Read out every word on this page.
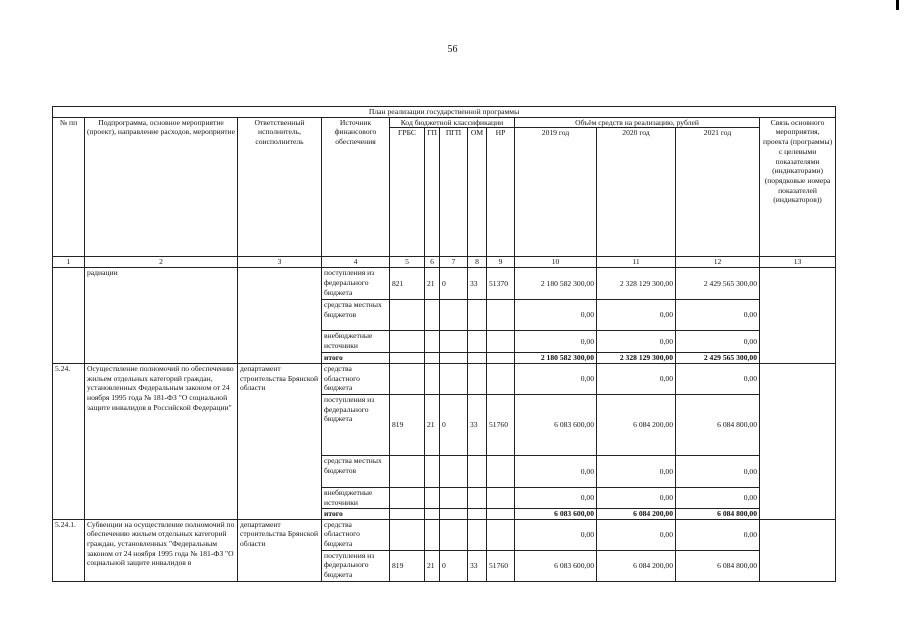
56
План реализации государственной программы												
№ пп	Подпрограмма, основное мероприятие (проект), направление расходов, мероприятие	Ответственный исполнитель, соисполнитель	Источник финансового обеспечения	Код бюджетной классификации					Объём средств на реализацию, рублей			Связь основного мероприятия, проекта (программы) с целевыми показателями (индикаторами) (порядковые номера показателей (индикаторов))
				ГРБС	ГП	ПГП	ОМ	НР	2019 год	2020 год	2021 год	
1	2	3	4	5	6	7	8	9	10	11	12	13
	радиации		поступления из федерального бюджета	821	21	0	33	51370	2 180 582 300,00	2 328 129 300,00	2 429 565 300,00	
			средства местных бюджетов						0,00	0,00	0,00	
			внебюджетные источники						0,00	0,00	0,00	
			итого						2 180 582 300,00	2 328 129 300,00	2 429 565 300,00	
5.24.	Осуществление полномочий по обеспечению жильем отдельных категорий граждан, установленных Федеральным законом от 24 ноября 1995 года № 181-ФЗ "О социальной защите инвалидов в Российской Федерации"	департамент строительства Брянской области	средства областного бюджета						0,00	0,00	0,00	
			поступления из федерального бюджета	819	21	0	33	51760	6 083 600,00	6 084 200,00	6 084 800,00	
			средства местных бюджетов						0,00	0,00	0,00	
			внебюджетные источники						0,00	0,00	0,00	
			итого						6 083 600,00	6 084 200,00	6 084 800,00	
5.24.1.	Субвенции на осуществление полномочий по обеспечению жильем отдельных категорий граждан, установленных "Федеральным законом от 24 ноября 1995 года № 181-ФЗ "О социальной защите инвалидов в	департамент строительства Брянской области	средства областного бюджета						0,00	0,00	0,00	
			поступления из федерального бюджета	819	21	0	33	51760	6 083 600,00	6 084 200,00	6 084 800,00	
